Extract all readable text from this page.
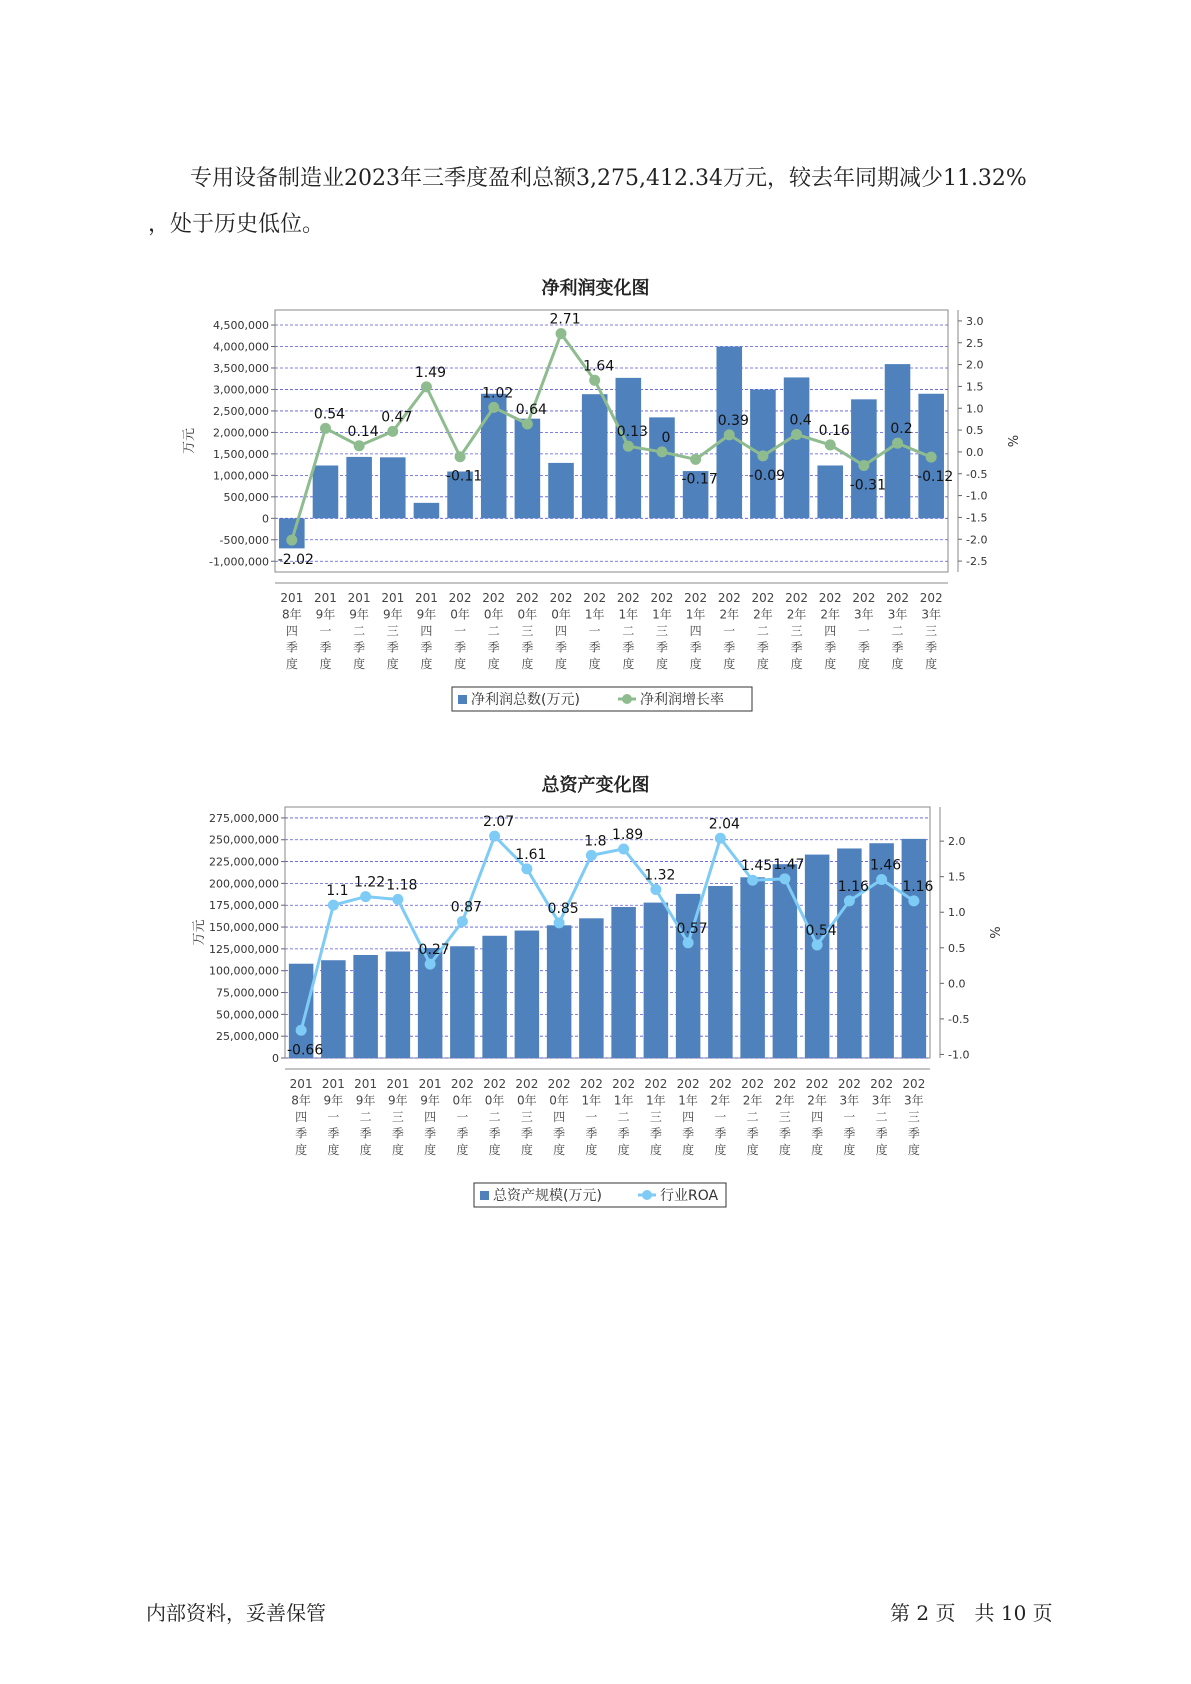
专用设备制造业2023年三季度盈利总额3,275,412.34万元，较去年同期减少11.32%
，处于历史低位。
净利润变化图
4,500,000
4,000,000
3,500,000
3,000,000
2,500,000
2,000,000
1,500,000
1,000,000
500,000
0
-500,000
-1,000,000
3.0
2.5
2.0
1.5
1.0
0.5
0.0
-0.5
-1.0
-1.5
-2.0
-2.5
万元	%
-2.02
0.54
0.14
0.47
1.49
-0.11
1.02
0.64
2.71
1.64
0.13 0
-0.17
0.39
-0.09
0.4
0.16
-0.31
0.2
-0.12
201
8年
四
季
度
201
9年
一
季
度
201
9年
二
季
度
201
9年
三
季
度
201
9年
四
季
度
202
0年
一
季
度
202
0年
二
季
度
202
0年
三
季
度
202
0年
四
季
度
202
1年
一
季
度
202
1年
二
季
度
202
1年
三
季
度
202
1年
四
季
度
202
2年
一
季
度
202
2年
二
季
度
202
2年
三
季
度
202
2年
四
季
度
202
3年
一
季
度
202
3年
二
季
度
202
3年
三
季
度
净利润总数(万元)	净利润增长率
总资产变化图
275,000,000
250,000,000
225,000,000
200,000,000
175,000,000
150,000,000
125,000,000
100,000,000
75,000,000
50,000,000
25,000,000
0
2.0
1.5
1.0
0.5
0.0
-0.5
-1.0
万元	%
-0.66
1.1
1.22 1.18
0.27
0.87
2.07
1.61
0.85
1.8 1.89
1.32
0.57
2.04
1.45 1.47
0.54
1.16
1.46
1.16
201
8年
四
季
度
201
9年
一
季
度
201
9年
二
季
度
201
9年
三
季
度
201
9年
四
季
度
202
0年
一
季
度
202
0年
二
季
度
202
0年
三
季
度
202
0年
四
季
度
202
1年
一
季
度
202
1年
二
季
度
202
1年
三
季
度
202
1年
四
季
度
202
2年
一
季
度
202
2年
二
季
度
202
2年
三
季
度
202
2年
四
季
度
202
3年
一
季
度
202
3年
二
季
度
202
3年
三
季
度
总资产规模(万元)	行业ROA
内部资料，妥善保管	第 2 页   共 10 页
